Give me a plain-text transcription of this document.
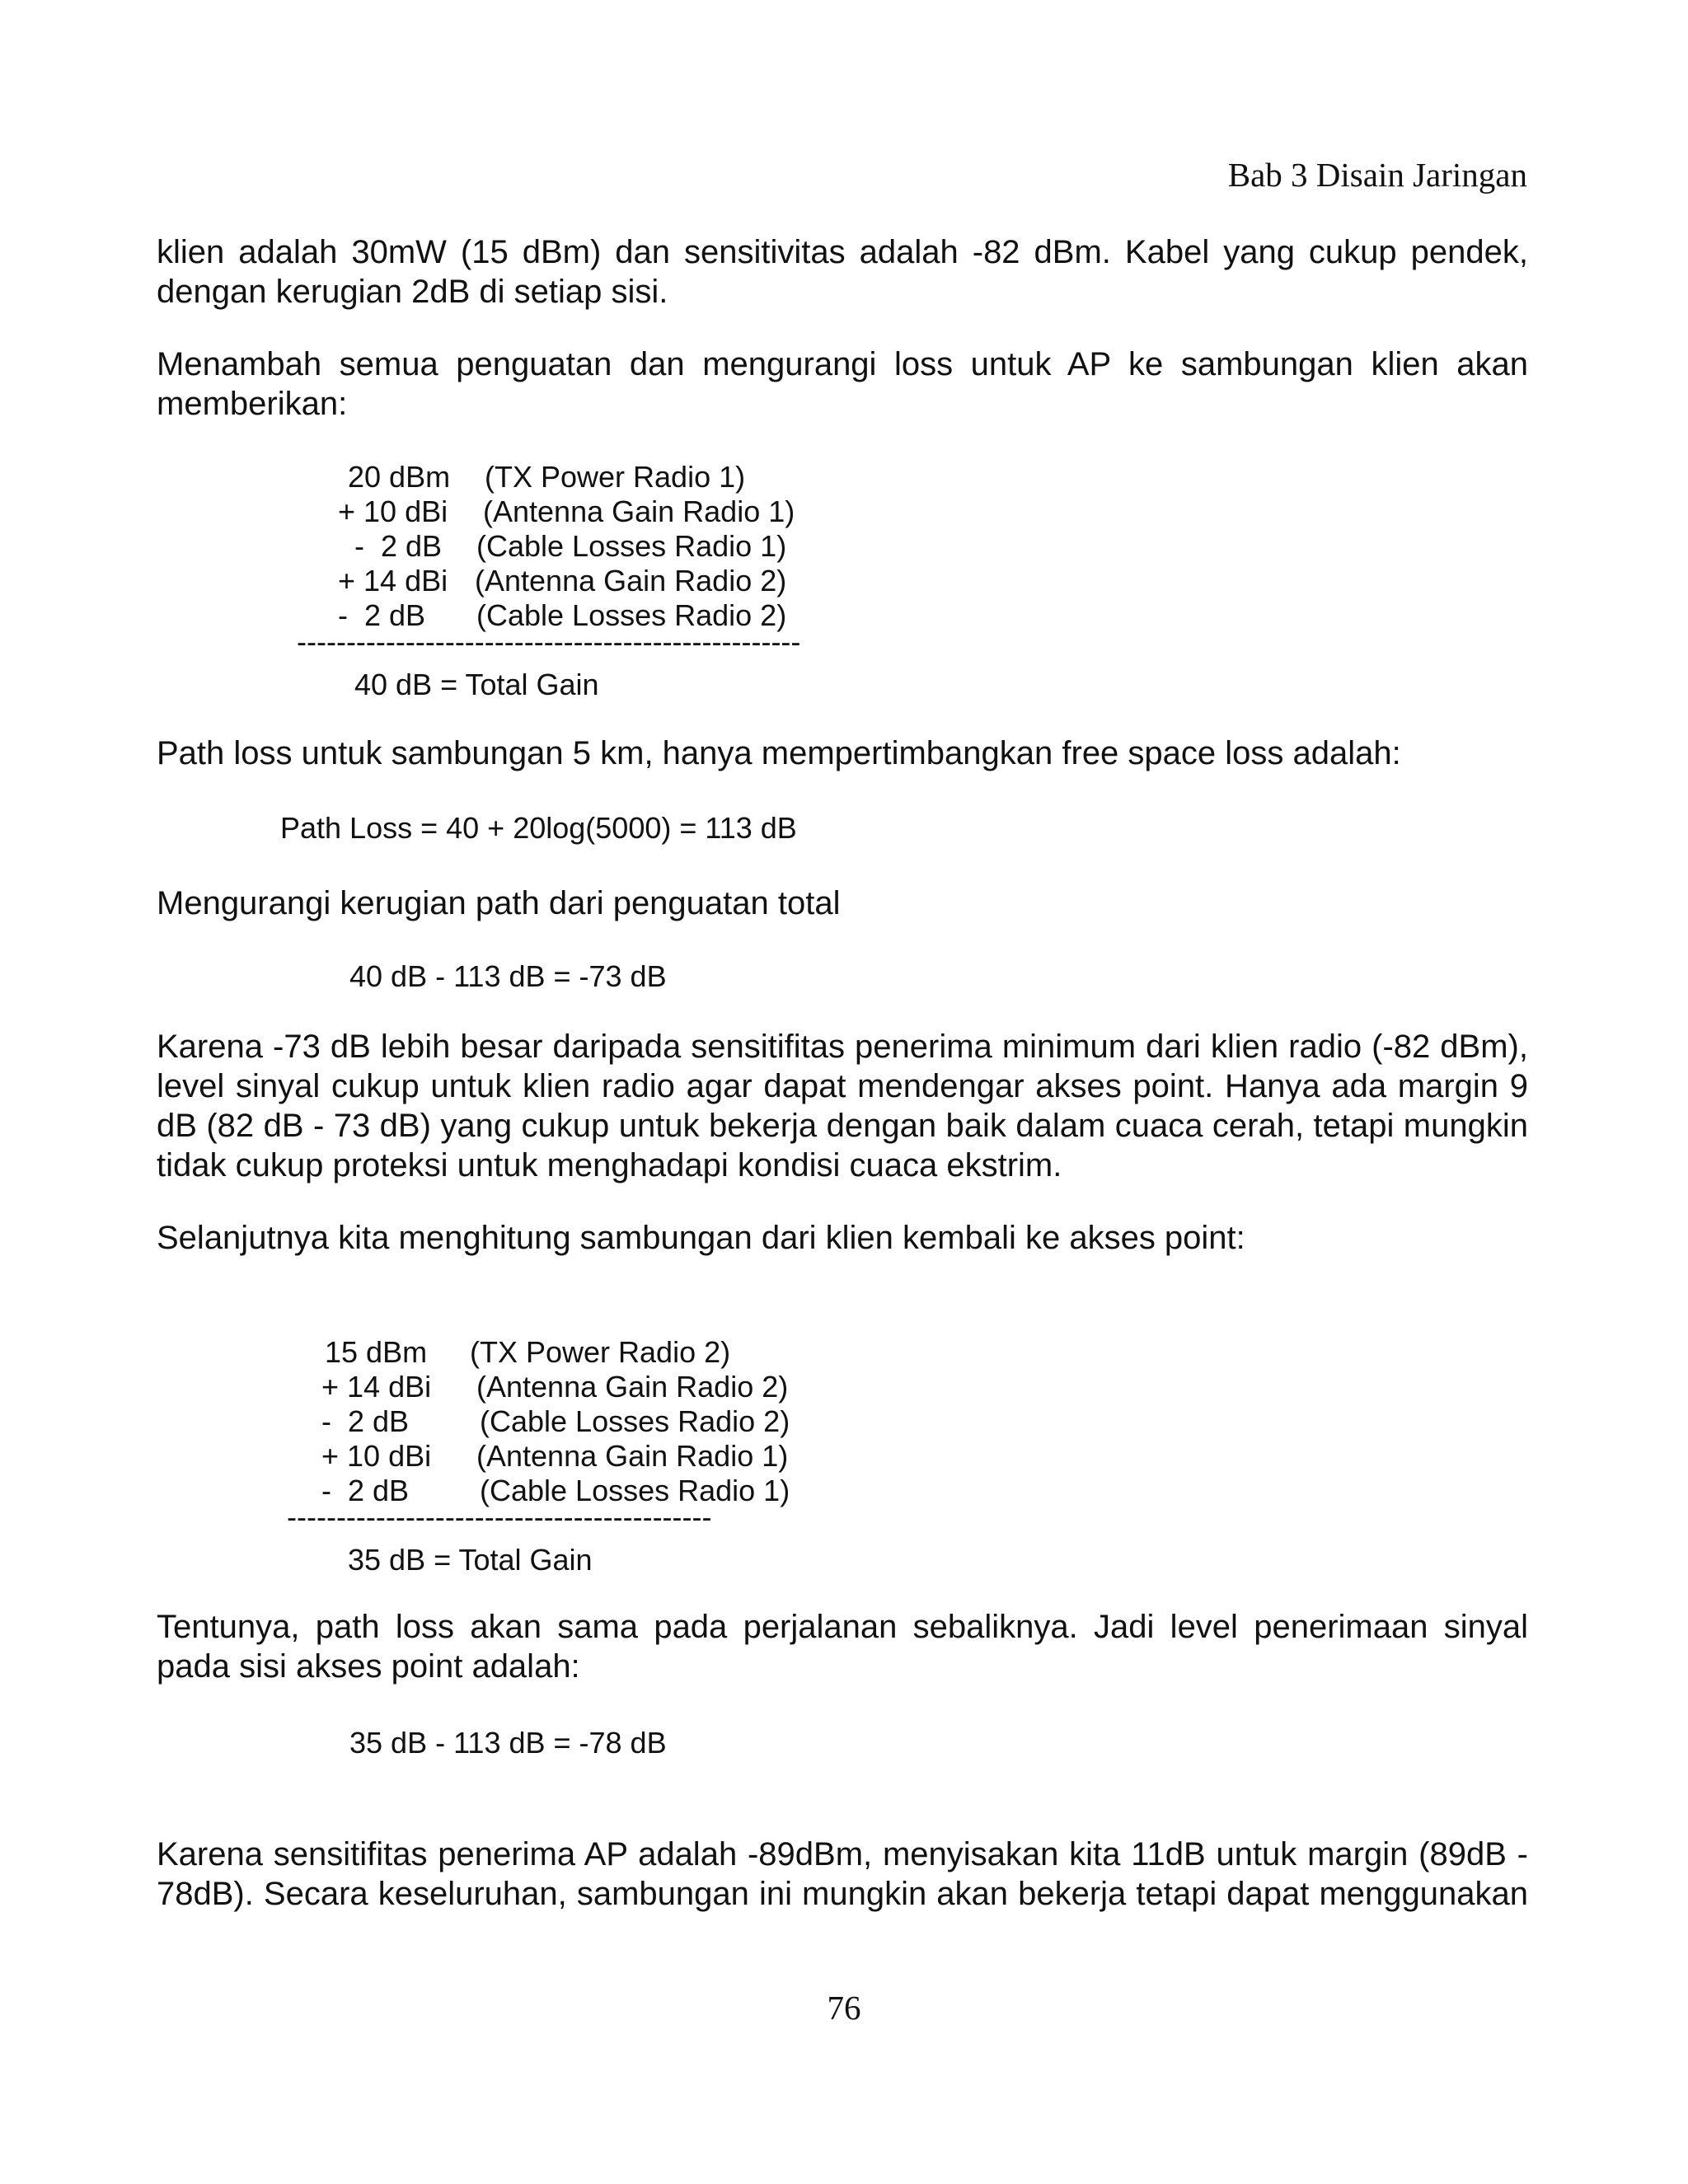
Bab 3 Disain Jaringan
klien adalah 30mW (15 dBm) dan sensitivitas adalah -82 dBm. Kabel yang cukup pendek,
dengan kerugian 2dB di setiap sisi.
Menambah semua penguatan dan mengurangi loss untuk AP ke sambungan klien akan
memberikan:

20 dBm

(TX Power Radio 1)

+ 10 dBi

(Antenna Gain Radio 1)

-  2 dB

(Cable Losses Radio 1)

+ 14 dBi

(Antenna Gain Radio 2)

-  2 dB

(Cable Losses Radio 2)

---------------------------------------------------

40 dB = Total Gain

Path loss untuk sambungan 5 km, hanya mempertimbangkan free space loss adalah:
Path Loss = 40 + 20log(5000) = 113 dB
Mengurangi kerugian path dari penguatan total
40 dB - 113 dB = -73 dB
Karena -73 dB lebih besar daripada sensitifitas penerima minimum dari klien radio (-82 dBm),
level sinyal cukup untuk klien radio agar dapat mendengar akses point. Hanya ada margin 9
dB (82 dB - 73 dB) yang cukup untuk bekerja dengan baik dalam cuaca cerah, tetapi mungkin
tidak cukup proteksi untuk menghadapi kondisi cuaca ekstrim.
Selanjutnya kita menghitung sambungan dari klien kembali ke akses point:

15 dBm

(TX Power Radio 2)

+ 14 dBi

(Antenna Gain Radio 2)

-  2 dB

(Cable Losses Radio 2)

+ 10 dBi

(Antenna Gain Radio 1)

-  2 dB

(Cable Losses Radio 1)

-------------------------------------------

35 dB = Total Gain

Tentunya, path loss akan sama pada perjalanan sebaliknya. Jadi level penerimaan sinyal
pada sisi akses point adalah:
35 dB - 113 dB = -78 dB
Karena sensitifitas penerima AP adalah -89dBm, menyisakan kita 11dB untuk margin (89dB -
78dB). Secara keseluruhan, sambungan ini mungkin akan bekerja tetapi dapat menggunakan
76
